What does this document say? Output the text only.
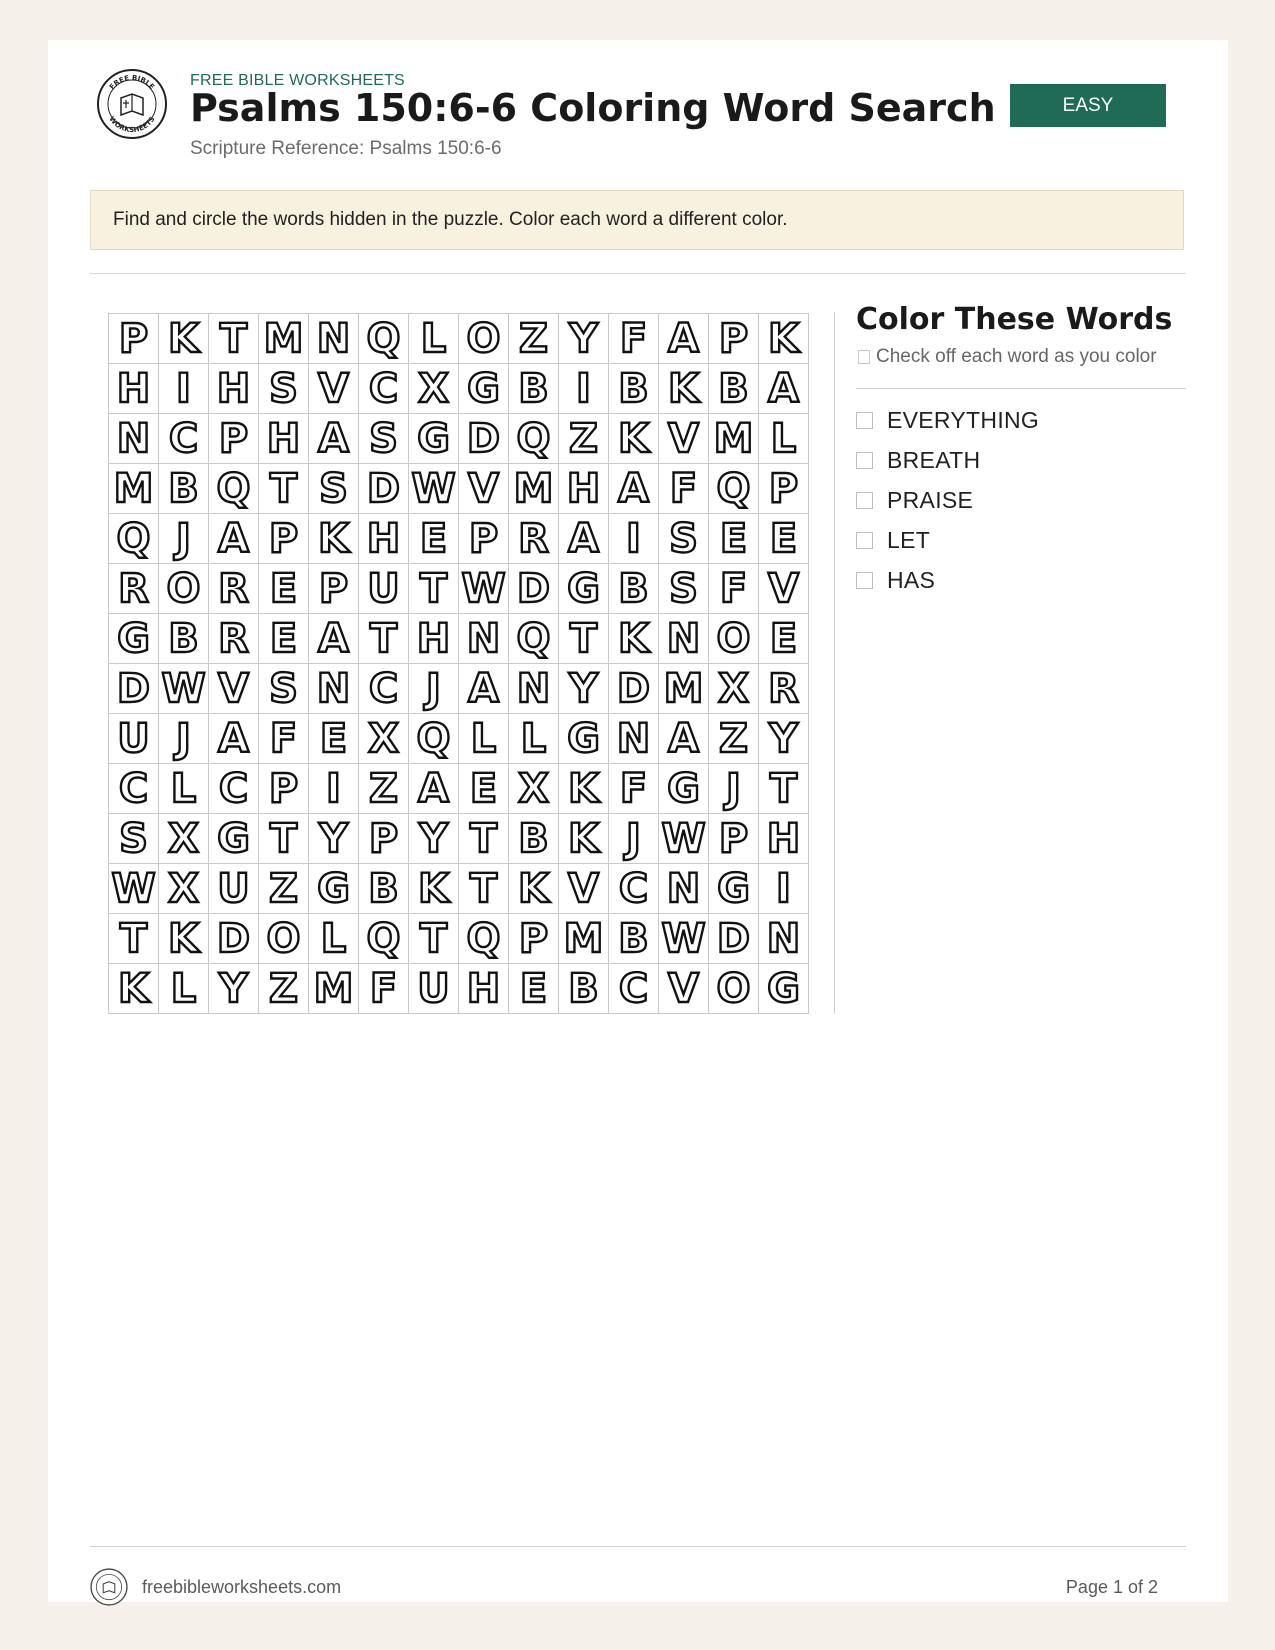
FREE BIBLE
WORKSHEETS
FREE BIBLE WORKSHEETS
Psalms 150:6-6 Coloring Word Search
Scripture Reference: Psalms 150:6-6
EASY
Find and circle the words hidden in the puzzle. Color each word a different color.
P K T M N Q L O Z Y F A P K
H I H S V C X G B I B K B A
N C P H A S G D Q Z K V M L
M B Q T S D W V M H A F Q P
Q J A P K H E P R A I S E E
R O R E P U T W D G B S F V
G B R E A T H N Q T K N O E
D W V S N C J A N Y D M X R
U J A F E X Q L L G N A Z Y
C L C P I Z A E X K F G J T
S X G T Y P Y T B K J W P H
W X U Z G B K T K V C N G I
T K D O L Q T Q P M B W D N
K L Y Z M F U H E B C V O G
Color These Words
Check off each word as you color
EVERYTHING
BREATH
PRAISE
LET
HAS
freebibleworksheets.com	Page 1 of 2
